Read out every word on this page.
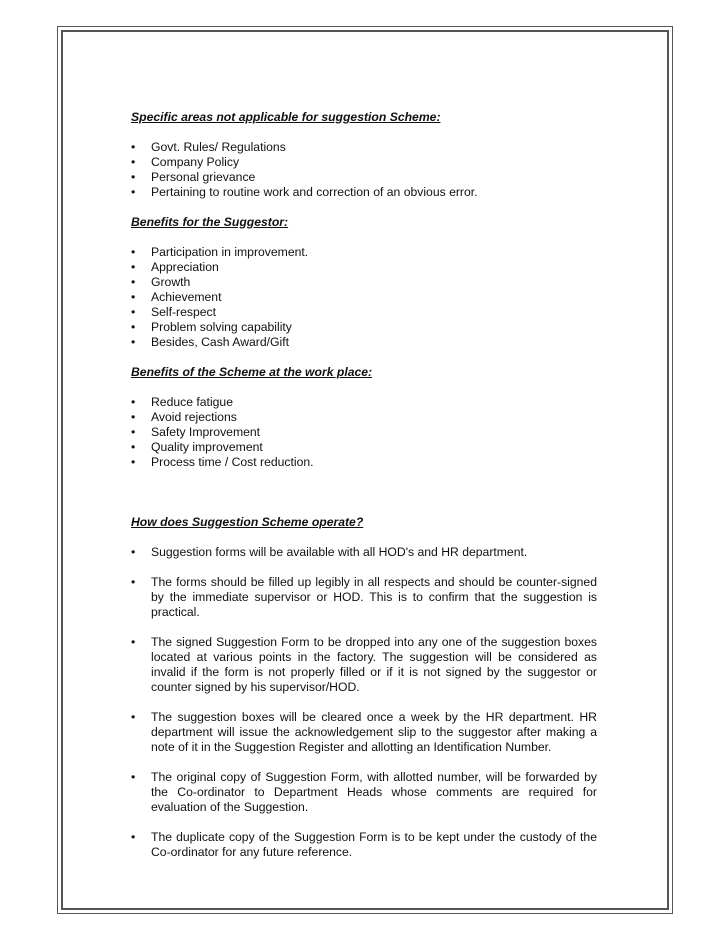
Specific areas not applicable for suggestion Scheme:

• Govt. Rules/ Regulations
• Company Policy
• Personal grievance
• Pertaining to routine work and correction of an obvious error.

Benefits for the Suggestor:

• Participation in improvement.
• Appreciation
• Growth
• Achievement
• Self-respect
• Problem solving capability
• Besides, Cash Award/Gift

Benefits of the Scheme at the work place:

• Reduce fatigue
• Avoid rejections
• Safety Improvement
• Quality improvement
• Process time / Cost reduction.

How does Suggestion Scheme operate?

• Suggestion forms will be available with all HOD's and HR department.
• The forms should be filled up legibly in all respects and should be counter-signed by the immediate supervisor or HOD. This is to confirm that the suggestion is practical.
• The signed Suggestion Form to be dropped into any one of the suggestion boxes located at various points in the factory. The suggestion will be considered as invalid if the form is not properly filled or if it is not signed by the suggestor or counter signed by his supervisor/HOD.
• The suggestion boxes will be cleared once a week by the HR department. HR department will issue the acknowledgement slip to the suggestor after making a note of it in the Suggestion Register and allotting an Identification Number.
• The original copy of Suggestion Form, with allotted number, will be forwarded by the Co-ordinator to Department Heads whose comments are required for evaluation of the Suggestion.
• The duplicate copy of the Suggestion Form is to be kept under the custody of the Co-ordinator for any future reference.
